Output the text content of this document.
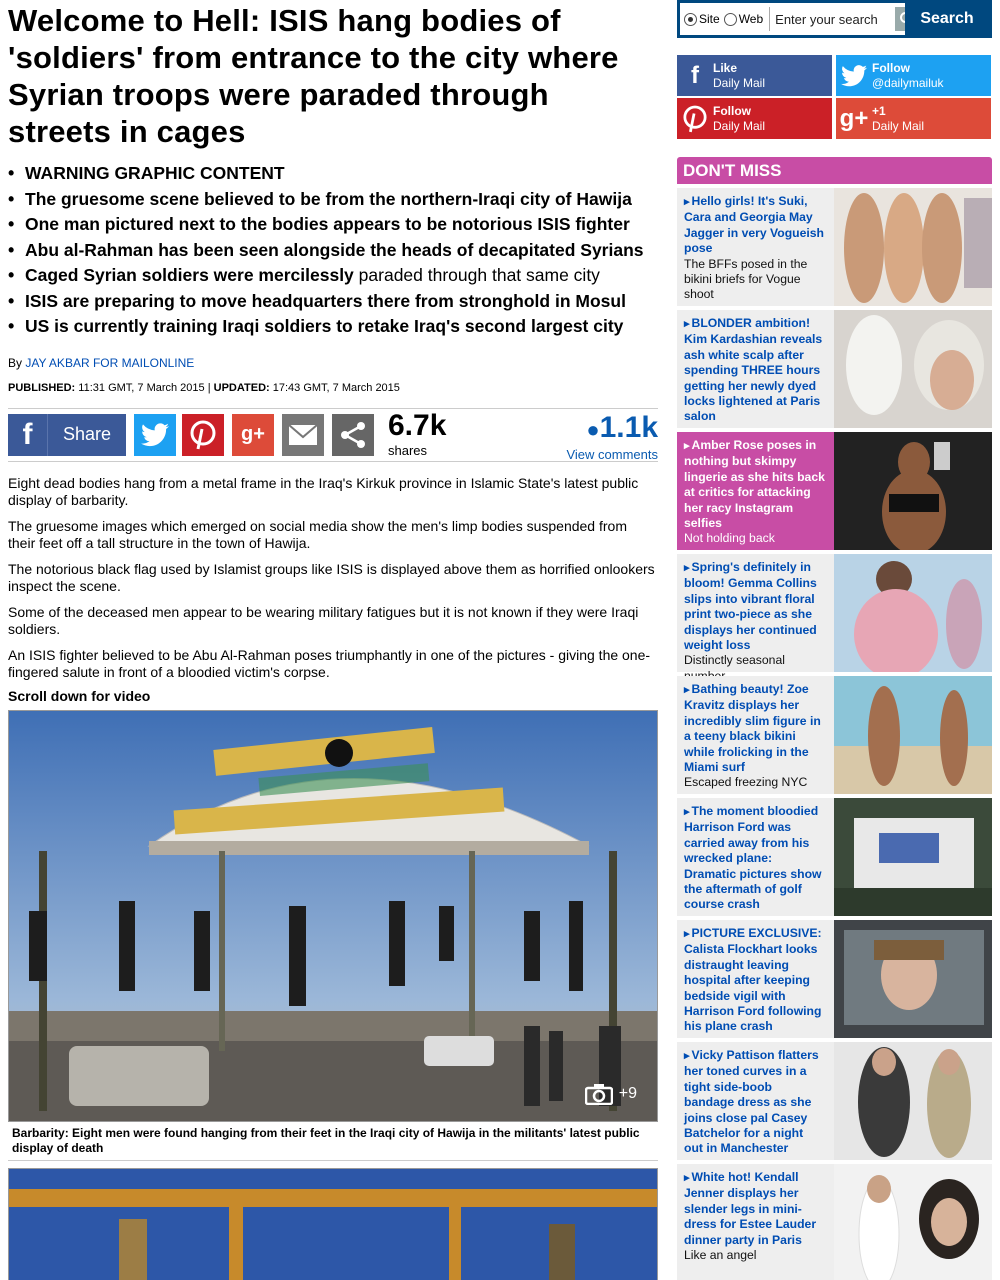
Welcome to Hell: ISIS hang bodies of 'soldiers' from entrance to the city where Syrian troops were paraded through streets in cages
• WARNING GRAPHIC CONTENT
• The gruesome scene believed to be from the northern-Iraqi city of Hawija
• One man pictured next to the bodies appears to be notorious ISIS fighter
• Abu al-Rahman has been seen alongside the heads of decapitated Syrians
• Caged Syrian soldiers were mercilessly paraded through that same city
• ISIS are preparing to move headquarters there from stronghold in Mosul
• US is currently training Iraqi soldiers to retake Iraq's second largest city
By JAY AKBAR FOR MAILONLINE
PUBLISHED: 11:31 GMT, 7 March 2015 | UPDATED: 17:43 GMT, 7 March 2015
f	Share	g+	6.7k
shares
●1.1k
View comments

Eight dead bodies hang from a metal frame in the Iraq's Kirkuk province in Islamic State's latest public display of barbarity.

The gruesome images which emerged on social media show the men's limp bodies suspended from their feet off a tall structure in the town of Hawija.

The notorious black flag used by Islamist groups like ISIS is displayed above them as horrified onlookers inspect the scene.

Some of the deceased men appear to be wearing military fatigues but it is not known if they were Iraqi soldiers.

An ISIS fighter believed to be Abu Al-Rahman poses triumphantly in one of the pictures - giving the one-fingered salute in front of a bloodied victim's corpse.

Scroll down for video
+9
Barbarity: Eight men were found hanging from their feet in the Iraqi city of Hawija in the militants' latest public display of death
Site Web
Enter your search	Search
f	Like
Daily Mail
Follow
@dailymailuk
Follow
Daily Mail	g+ +1
Daily Mail
DON'T MISS
▸ Hello girls! It's Suki, Cara and Georgia May Jagger in very Voguеish pose
The BFFs posed in the bikini briefs for Vogue shoot
▸ BLONDER ambition! Kim Kardashian reveals ash white scalp after spending THREE hours getting her newly dyed locks lightened at Paris salon

▸ Amber Rose poses in nothing but skimpy lingerie as she hits back at critics for attacking her racy Instagram selfies
Not holding back
▸ Spring's definitely in bloom! Gemma Collins slips into vibrant floral print two-piece as she displays her continued weight loss
Distinctly seasonal
▸ Bathing beauty! Zoe Kravitz displays her incredibly slim figure in a teeny black bikini while frolicking in the Miami surf
Escaped freezing NYC
▸ The moment bloodied Harrison Ford was carried away from his wrecked plane: Dramatic pictures show the aftermath of golf course crash

▸ PICTURE EXCLUSIVE: Calista Flockhart looks distraught leaving hospital after keeping bedside vigil with Harrison Ford following his plane crash

▸ Vicky Pattison flatters her toned curves in a tight side-boob bandage dress as she joins close pal Casey Batchelor for a night out in Manchester

▸ White hot! Kendall Jenner displays her slender legs in mini-dress for Estee Lauder dinner party in Paris
Like an angel
